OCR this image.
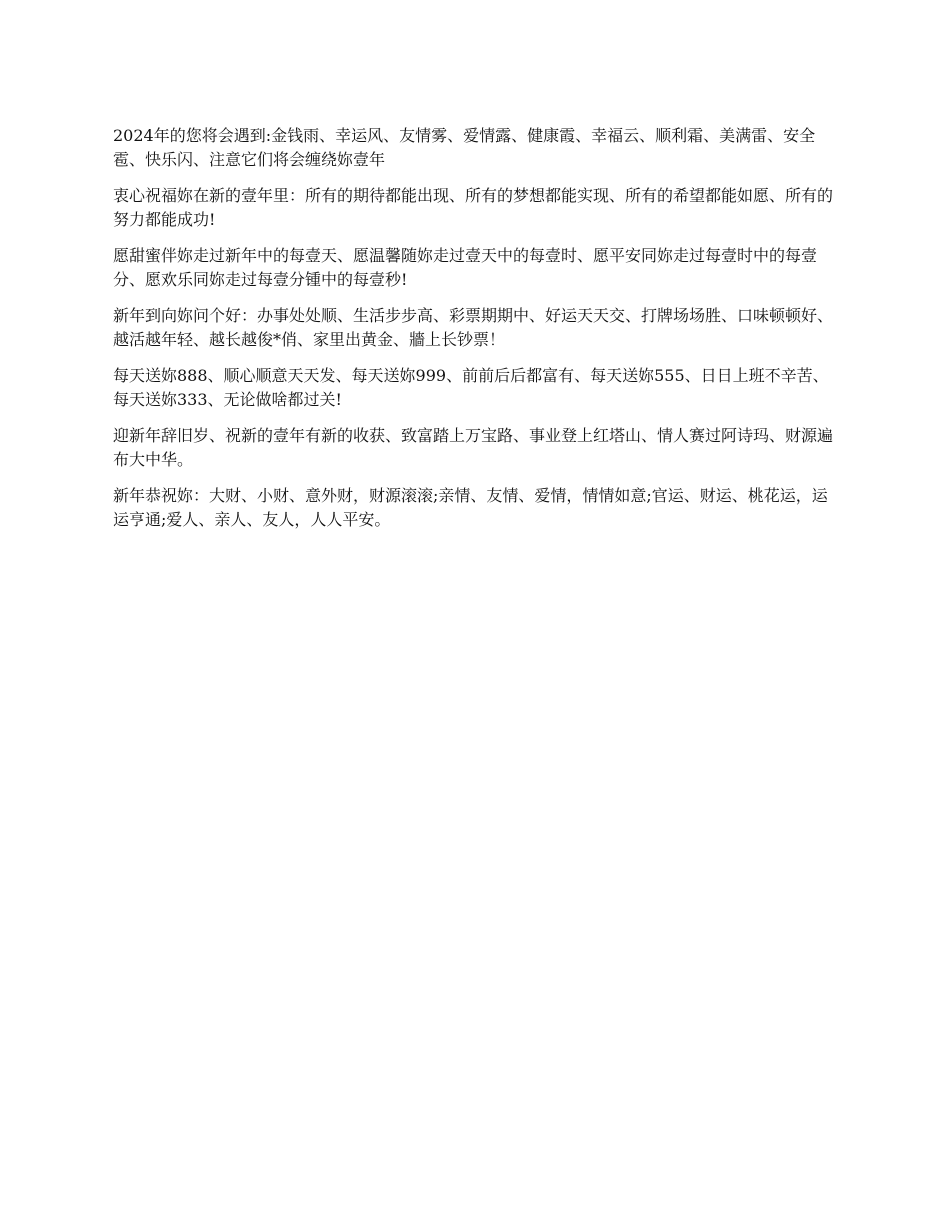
2024年的您将会遇到:金钱雨、幸运风、友情雾、爱情露、健康霞、幸福云、顺利霜、美满雷、安全雹、快乐闪、注意它们将会缠绕妳壹年

衷心祝福妳在新的壹年里：所有的期待都能出现、所有的梦想都能实现、所有的希望都能如愿、所有的努力都能成功!

愿甜蜜伴妳走过新年中的每壹天、愿温馨随妳走过壹天中的每壹时、愿平安同妳走过每壹时中的每壹分、愿欢乐同妳走过每壹分锺中的每壹秒!

新年到向妳问个好：办事处处顺、生活步步高、彩票期期中、好运天天交、打牌场场胜、口味顿顿好、越活越年轻、越长越俊*俏、家里出黄金、牆上长钞票！

每天送妳888、顺心顺意天天发、每天送妳999、前前后后都富有、每天送妳555、日日上班不辛苦、每天送妳333、无论做啥都过关!

迎新年辞旧岁、祝新的壹年有新的收获、致富踏上万宝路、事业登上红塔山、情人赛过阿诗玛、财源遍布大中华。

新年恭祝妳：大财、小财、意外财，财源滚滚;亲情、友情、爱情，情情如意;官运、财运、桃花运，运运亨通;爱人、亲人、友人，人人平安。
